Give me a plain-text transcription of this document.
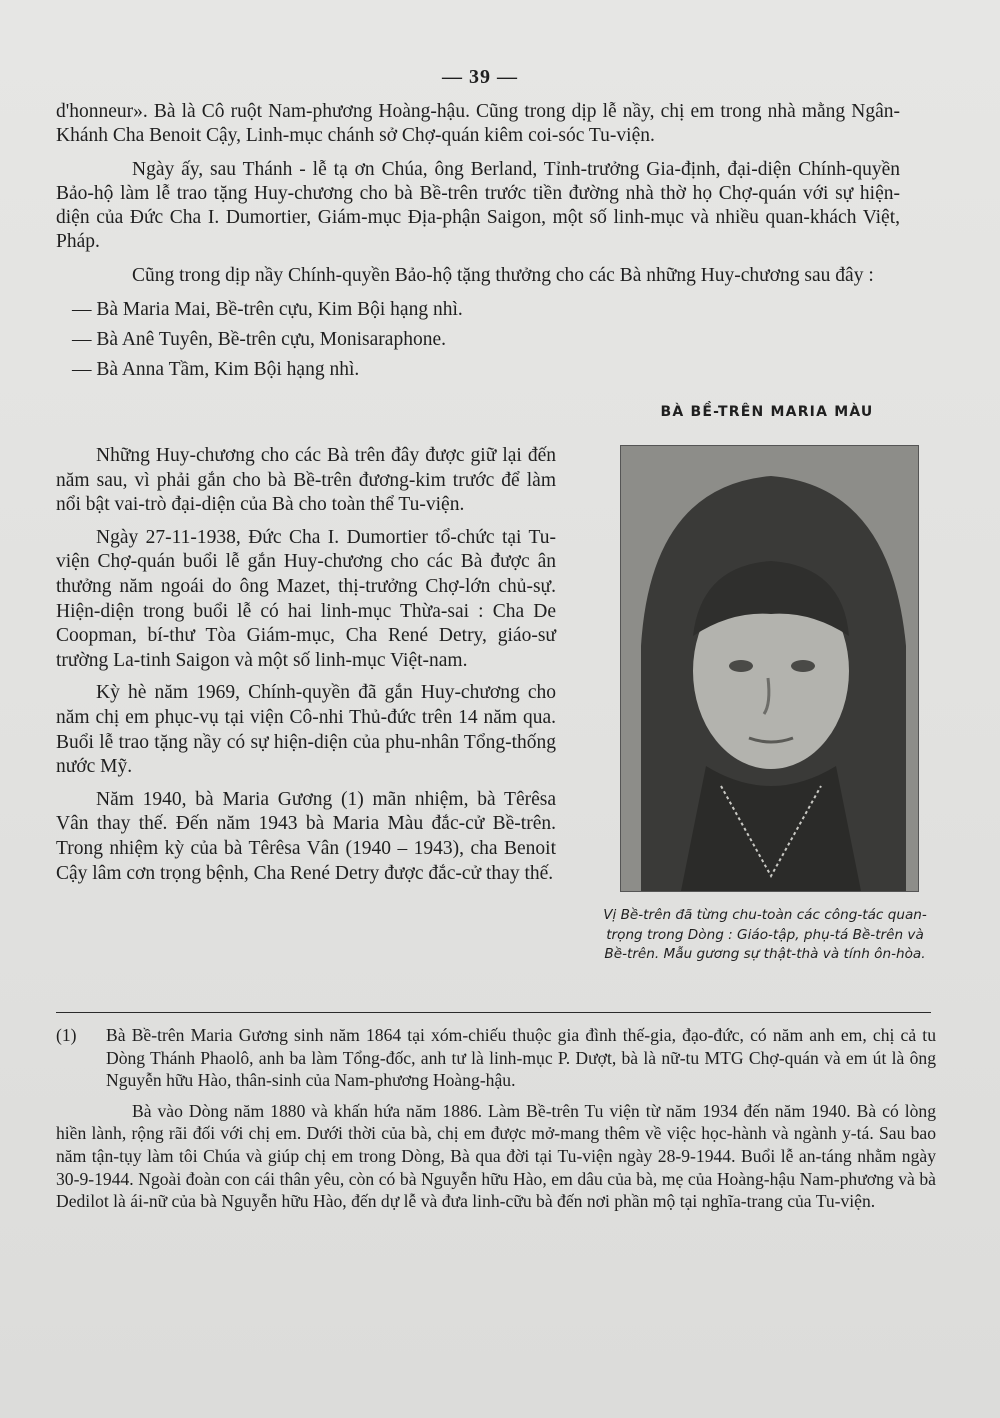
— 39 —

d'honneur». Bà là Cô ruột Nam-phương Hoàng-hậu. Cũng trong dịp lễ nầy, chị em trong nhà mằng Ngân-Khánh Cha Benoit Cậy, Linh-mục chánh sở Chợ-quán kiêm coi-sóc Tu-viện.

Ngày ấy, sau Thánh - lễ tạ ơn Chúa, ông Berland, Tỉnh-trưởng Gia-định, đại-diện Chính-quyền Bảo-hộ làm lễ trao tặng Huy-chương cho bà Bề-trên trước tiền đường nhà thờ họ Chợ-quán với sự hiện-diện của Đức Cha I. Dumortier, Giám-mục Địa-phận Saigon, một số linh-mục và nhiều quan-khách Việt, Pháp.

Cũng trong dịp nầy Chính-quyền Bảo-hộ tặng thưởng cho các Bà những Huy-chương sau đây :

— Bà Maria Mai, Bề-trên cựu, Kim Bội hạng nhì.
— Bà Anê Tuyên, Bề-trên cựu, Monisaraphone.
— Bà Anna Tầm, Kim Bội hạng nhì.

Những Huy-chương cho các Bà trên đây được giữ lại đến năm sau, vì phải gắn cho bà Bề-trên đương-kim trước để làm nổi bật vai-trò đại-diện của Bà cho toàn thể Tu-viện.

Ngày 27-11-1938, Đức Cha I. Dumortier tổ-chức tại Tu-viện Chợ-quán buổi lễ gắn Huy-chương cho các Bà được ân thưởng năm ngoái do ông Mazet, thị-trưởng Chợ-lớn chủ-sự. Hiện-diện trong buổi lễ có hai linh-mục Thừa-sai : Cha De Coopman, bí-thư Tòa Giám-mục, Cha René Detry, giáo-sư trường La-tinh Saigon và một số linh-mục Việt-nam.

Kỳ hè năm 1969, Chính-quyền đã gắn Huy-chương cho năm chị em phục-vụ tại viện Cô-nhi Thủ-đức trên 14 năm qua. Buổi lễ trao tặng nầy có sự hiện-diện của phu-nhân Tổng-thống nước Mỹ.

Năm 1940, bà Maria Gương (1) mãn nhiệm, bà Têrêsa Vân thay thế. Đến năm 1943 bà Maria Màu đắc-cử Bề-trên. Trong nhiệm kỳ của bà Têrêsa Vân (1940 – 1943), cha Benoit Cậy lâm cơn trọng bệnh, Cha René Detry được đắc-cử thay thế.

BÀ BỀ-TRÊN MARIA MÀU
Vị Bề-trên đã từng chu-toàn các công-tác quan-trọng trong Dòng : Giáo-tập, phụ-tá Bề-trên và Bề-trên. Mẫu gương sự thật-thà và tính ôn-hòa.

(1) Bà Bề-trên Maria Gương sinh năm 1864 tại xóm-chiếu thuộc gia đình thế-gia, đạo-đức, có năm anh em, chị cả tu Dòng Thánh Phaolô, anh ba làm Tổng-đốc, anh tư là linh-mục P. Dượt, bà là nữ-tu MTG Chợ-quán và em út là ông Nguyễn hữu Hào, thân-sinh của Nam-phương Hoàng-hậu.

Bà vào Dòng năm 1880 và khấn hứa năm 1886. Làm Bề-trên Tu viện từ năm 1934 đến năm 1940. Bà có lòng hiền lành, rộng rãi đối với chị em. Dưới thời của bà, chị em được mở-mang thêm về việc học-hành và ngành y-tá. Sau bao năm tận-tụy làm tôi Chúa và giúp chị em trong Dòng, Bà qua đời tại Tu-viện ngày 28-9-1944. Buổi lễ an-táng nhằm ngày 30-9-1944. Ngoài đoàn con cái thân yêu, còn có bà Nguyễn hữu Hào, em dâu của bà, mẹ của Hoàng-hậu Nam-phương và bà Dedilot là ái-nữ của bà Nguyễn hữu Hào, đến dự lễ và đưa linh-cữu bà đến nơi phần mộ tại nghĩa-trang của Tu-viện.
